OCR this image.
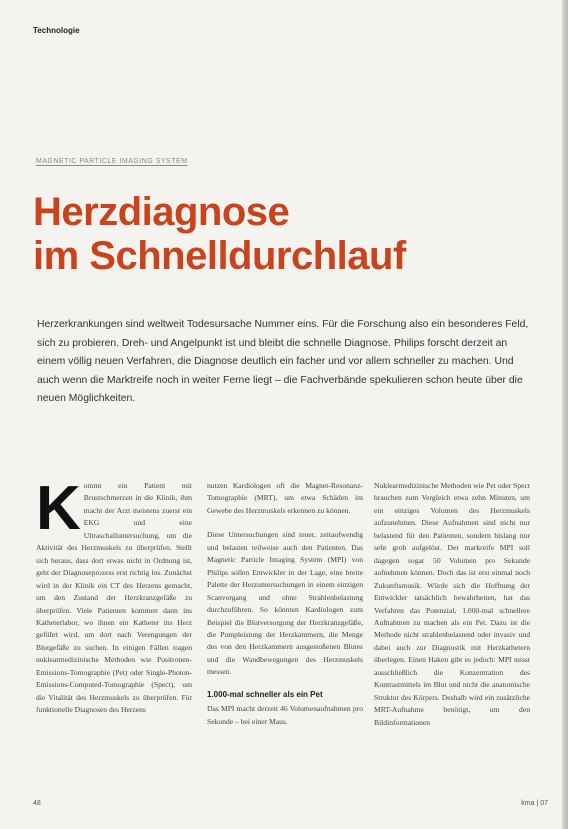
Technologie
MAGNETIC PARTICLE IMAGING SYSTEM
Herzdiagnose
im Schnelldurchlauf

Herzerkrankungen sind weltweit Todesursache Nummer eins. Für die Forschung also ein besonderes Feld, sich zu probieren. Dreh- und Angelpunkt ist und bleibt die schnelle Diagnose. Philips forscht derzeit an einem völlig neuen Verfahren, die Diagnose deutlich ein facher und vor allem schneller zu machen. Und auch wenn die Marktreife noch in weiter Ferne liegt – die Fachverbände spekulieren schon heute über die neuen Möglichkeiten.

Kommt ein Patient mit Brustschmerzen in die Klinik, ihm macht der Arzt meistens zuerst ein EKG und eine Ultraschalluntersuchung, um die Aktivität des Herzmuskels zu überprüfen. Stellt sich heraus, dass dort etwas nicht in Ordnung ist, geht der Diagnoseprozess erst richtig los. Zunächst wird in der Klinik ein CT des Herzens gemacht, um den Zustand der Herzkranzgefäße zu überprüfen. Viele Patienten kommen dann ins Katheterlabor, wo ihnen ein Katheter ins Herz geführt wird, um dort nach Verengungen der Blutgefäße zu suchen. In einigen Fällen tragen nuklearmedizinische Methoden wie Positronen-Emissions-Tomographie (Pet) oder Single-Photon-Emissions-Computed-Tomographie (Spect), um die Vitalität des Herzmuskels zu überprüfen. Für funktionelle Diagnosen des Herzens

nutzen Kardiologen oft die Magnet-Resonanz-Tomographie (MRT), um etwa Schäden im Gewebe des Herzmuskels erkennen zu können.

Diese Untersuchungen sind teuer, zeitaufwendig und belasten teilweise auch den Patienten. Das Magnetic Particle Imaging System (MPI) von Philips sollen Entwickler in der Lage, eine breite Palette der Herzuntersuchungen in einem einzigen Scanvorgang und ohne Strahlenbelastung durchzuführen. So könnten Kardiologen zum Beispiel die Blutversorgung der Herzkranzgefäße, die Pumpleistung der Herzkammern, die Menge des von den Herzkammern ausgestoßenen Blutes und die Wandbewegungen des Herzmuskels messen.

1.000-mal schneller als ein Pet

Das MPI macht derzeit 46 Volumenaufnahmen pro Sekunde – bei einer Maus.

Nuklearmedizinische Methoden wie Pet oder Spect brauchen zum Vergleich etwa zehn Minuten, um ein einziges Volumen des Herzmuskels aufzunehmen. Diese Aufnahmen sind nicht nur belastend für den Patienten, sondern bislang nur sehr grob aufgelöst. Der markreife MPI soll dagegen sogar 50 Volumen pro Sekunde aufnehmen können. Doch das ist erst einmal noch Zukunftsmusik. Würde sich die Hoffnung der Entwickler tatsächlich bewahrheiten, hat das Verfahren das Potenzial, 1.000-mal schnellere Aufnahmen zu machen als ein Pet. Dazu ist die Methode nicht strahlenbelastend oder invasiv und dabei auch zur Diagnostik mit Herzkathetern überlegen. Einen Haken gibt es jedoch: MPI misst ausschließlich die Konzentration des Kontrastmittels im Blut und nicht die anatomische Struktur des Körpers. Deshalb wird ein zusätzliche MRT-Aufnahme benötigt, um den Bildinformationen

48	kma | 07
